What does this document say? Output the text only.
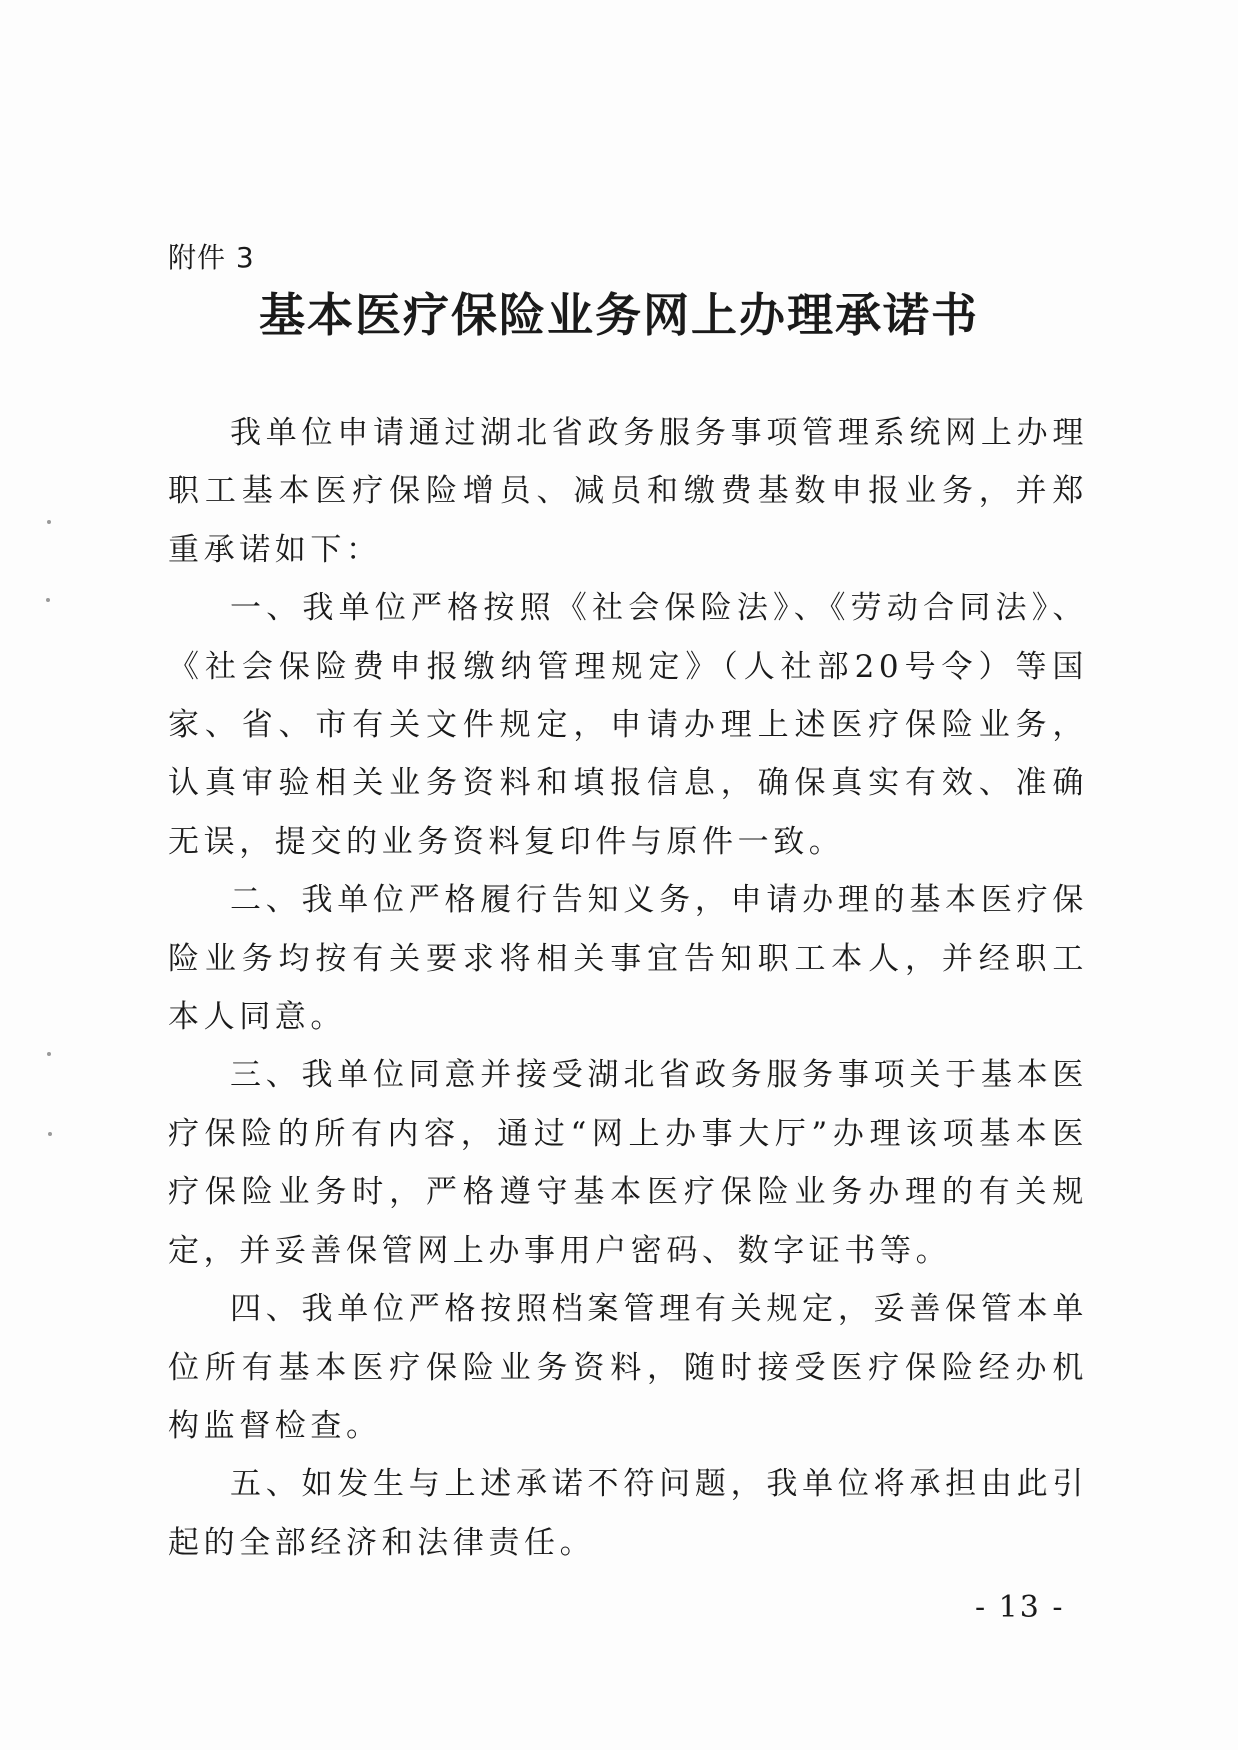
附件 3
基本医疗保险业务网上办理承诺书

我单位申请通过湖北省政务服务事项管理系统网上办理职工基本医疗保险增员、减员和缴费基数申报业务，并郑重承诺如下：

一、我单位严格按照《社会保险法》、《劳动合同法》、《社会保险费申报缴纳管理规定》（人社部20号令）等国家、省、市有关文件规定，申请办理上述医疗保险业务，认真审验相关业务资料和填报信息，确保真实有效、准确无误，提交的业务资料复印件与原件一致。

二、我单位严格履行告知义务，申请办理的基本医疗保险业务均按有关要求将相关事宜告知职工本人，并经职工本人同意。

三、我单位同意并接受湖北省政务服务事项关于基本医疗保险的所有内容，通过“网上办事大厅”办理该项基本医疗保险业务时，严格遵守基本医疗保险业务办理的有关规定，并妥善保管网上办事用户密码、数字证书等。

四、我单位严格按照档案管理有关规定，妥善保管本单位所有基本医疗保险业务资料，随时接受医疗保险经办机构监督检查。

五、如发生与上述承诺不符问题，我单位将承担由此引起的全部经济和法律责任。

- 13 -
